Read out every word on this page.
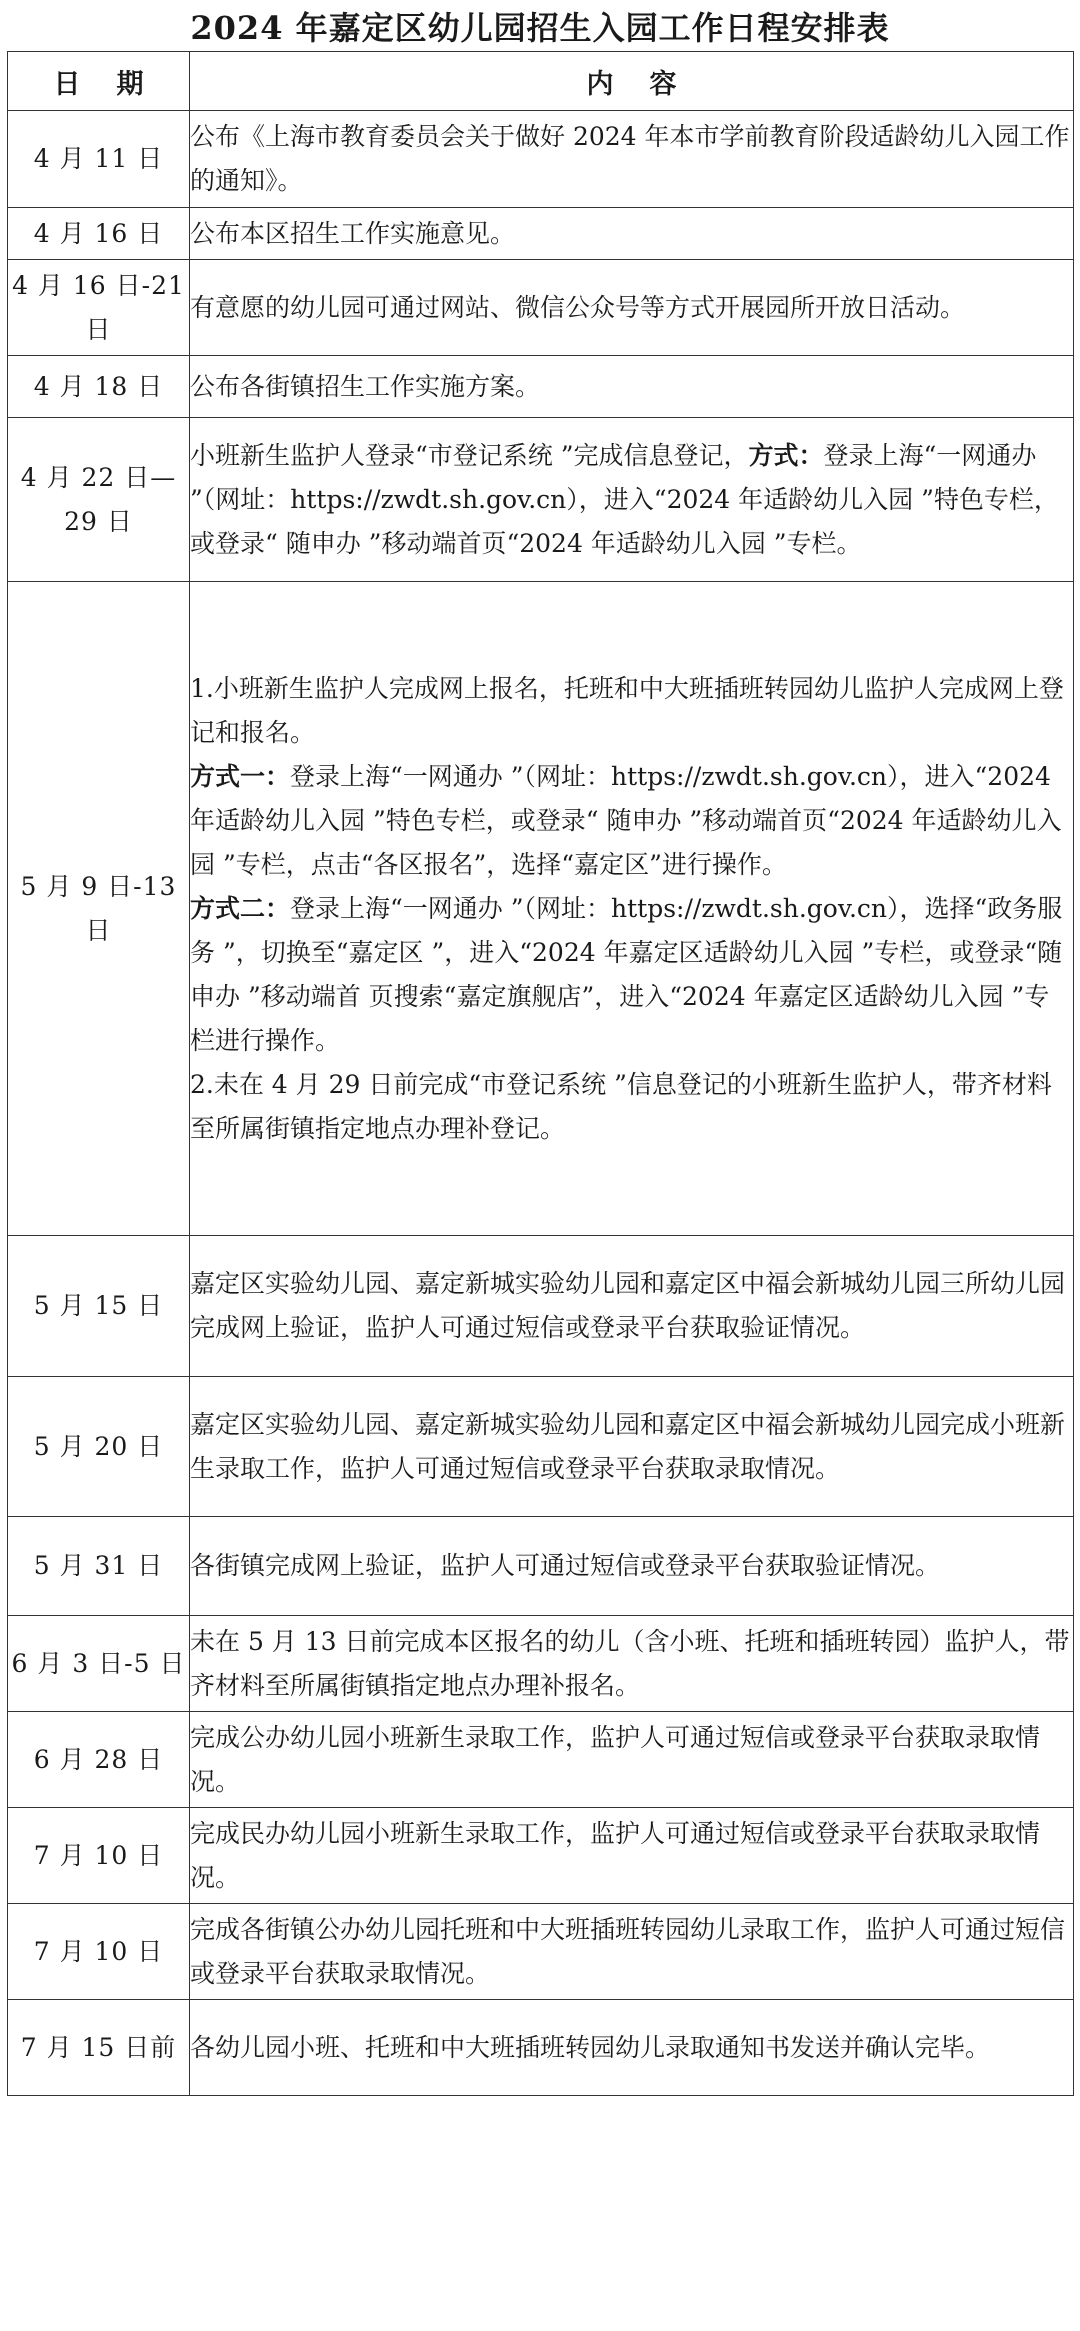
2024 年嘉定区幼儿园招生入园工作日程安排表
日期	内容
4 月 11 日	公布《上海市教育委员会关于做好 2024 年本市学前教育阶段适龄幼儿入园工作的通知》。
4 月 16 日	公布本区招生工作实施意见。
4 月 16 日-21 日	有意愿的幼儿园可通过网站、微信公众号等方式开展园所开放日活动。
4 月 18 日	公布各街镇招生工作实施方案。
4 月 22 日—29 日	小班新生监护人登录“市登记系统 ”完成信息登记，方式：登录上海“一网通办 ”（网址：https://zwdt.sh.gov.cn），进入“2024 年适龄幼儿入园 ”特色专栏，或登录“ 随申办 ”移动端首页“2024 年适龄幼儿入园 ”专栏。
5 月 9 日-13 日	1.小班新生监护人完成网上报名，托班和中大班插班转园幼儿监护人完成网上登记和报名。

方式一：登录上海“一网通办 ”（网址：https://zwdt.sh.gov.cn），进入“2024 年适龄幼儿入园 ”特色专栏，或登录“ 随申办 ”移动端首页“2024 年适龄幼儿入园 ”专栏，点击“各区报名”，选择“嘉定区”进行操作。

方式二：登录上海“一网通办 ”（网址：https://zwdt.sh.gov.cn），选择“政务服务 ”，切换至“嘉定区 ”，进入“2024 年嘉定区适龄幼儿入园 ”专栏，或登录“随申办 ”移动端首 页搜索“嘉定旗舰店”，进入“2024 年嘉定区适龄幼儿入园 ”专栏进行操作。

2.未在 4 月 29 日前完成“市登记系统 ”信息登记的小班新生监护人，带齐材料至所属街镇指定地点办理补登记。

5 月 15 日	嘉定区实验幼儿园、嘉定新城实验幼儿园和嘉定区中福会新城幼儿园三所幼儿园完成网上验证，监护人可通过短信或登录平台获取验证情况。
5 月 20 日	嘉定区实验幼儿园、嘉定新城实验幼儿园和嘉定区中福会新城幼儿园完成小班新生录取工作，监护人可通过短信或登录平台获取录取情况。
5 月 31 日	各街镇完成网上验证，监护人可通过短信或登录平台获取验证情况。
6 月 3 日-5 日	未在 5 月 13 日前完成本区报名的幼儿（含小班、托班和插班转园）监护人，带齐材料至所属街镇指定地点办理补报名。
6 月 28 日	完成公办幼儿园小班新生录取工作，监护人可通过短信或登录平台获取录取情况。
7 月 10 日	完成民办幼儿园小班新生录取工作，监护人可通过短信或登录平台获取录取情况。
7 月 10 日	完成各街镇公办幼儿园托班和中大班插班转园幼儿录取工作，监护人可通过短信或登录平台获取录取情况。
7 月 15 日前	各幼儿园小班、托班和中大班插班转园幼儿录取通知书发送并确认完毕。
